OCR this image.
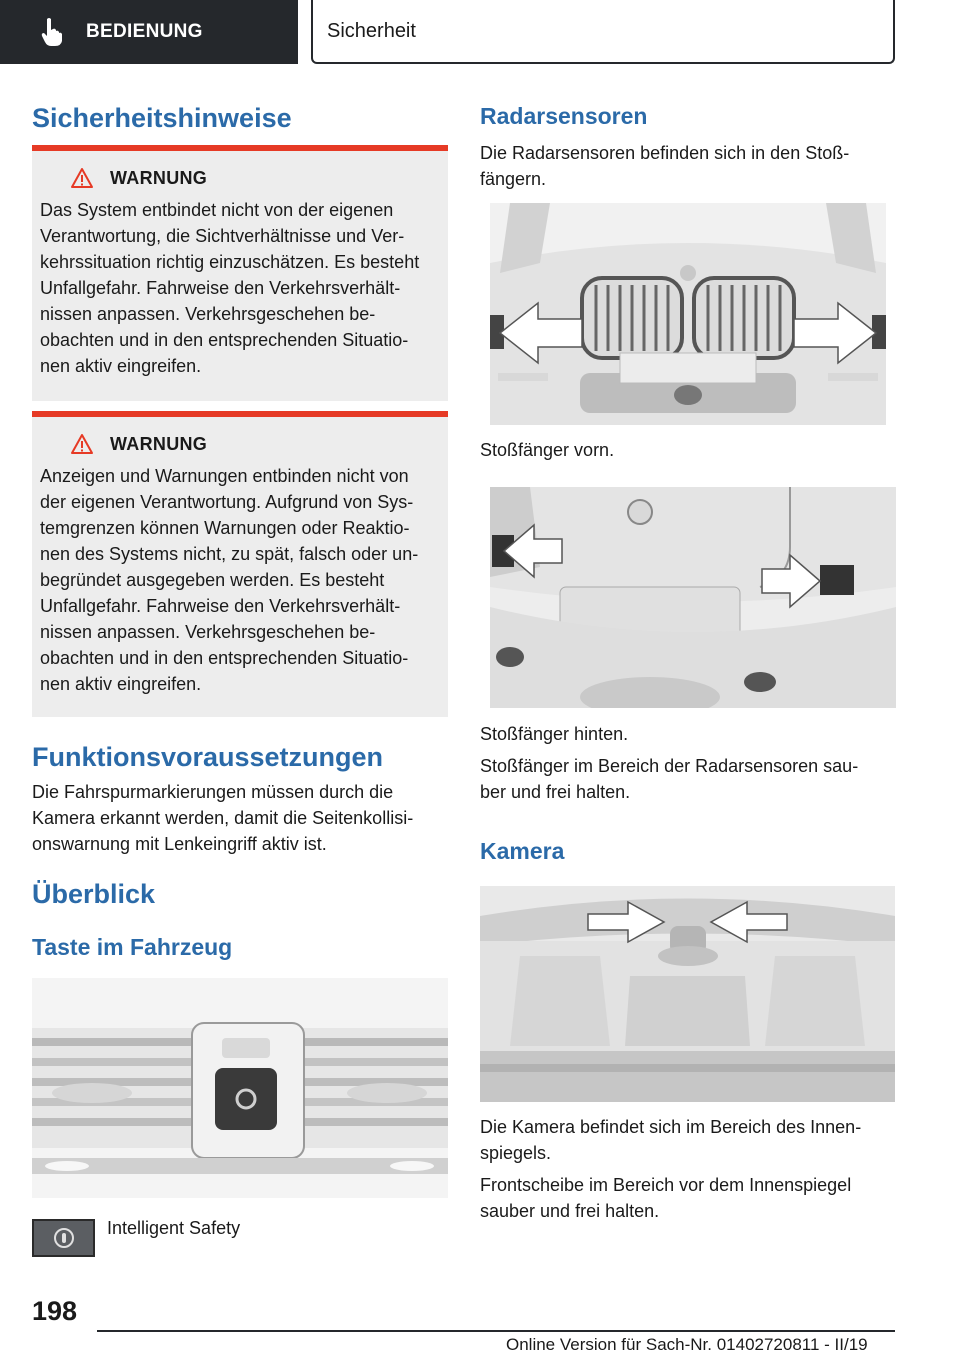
BEDIENUNG	Sicherheit
Sicherheitshinweise
WARNUNG
Das System entbindet nicht von der eigenen
Verantwortung, die Sichtverhältnisse und Ver-
kehrssituation richtig einzuschätzen. Es besteht
Unfallgefahr. Fahrweise den Verkehrsverhält-
nissen anpassen. Verkehrsgeschehen be-
obachten und in den entsprechenden Situatio-
nen aktiv eingreifen.
WARNUNG
Anzeigen und Warnungen entbinden nicht von
der eigenen Verantwortung. Aufgrund von Sys-
temgrenzen können Warnungen oder Reaktio-
nen des Systems nicht, zu spät, falsch oder un-
begründet ausgegeben werden. Es besteht
Unfallgefahr. Fahrweise den Verkehrsverhält-
nissen anpassen. Verkehrsgeschehen be-
obachten und in den entsprechenden Situatio-
nen aktiv eingreifen.
Funktionsvoraussetzungen
Die Fahrspurmarkierungen müssen durch die
Kamera erkannt werden, damit die Seitenkollisi-
onswarnung mit Lenkeingriff aktiv ist.
Überblick
Taste im Fahrzeug
Intelligent Safety
Radarsensoren
Die Radarsensoren befinden sich in den Stoß-
fängern.
Stoßfänger vorn.
Stoßfänger hinten.
Stoßfänger im Bereich der Radarsensoren sau-
ber und frei halten.
Kamera
Die Kamera befindet sich im Bereich des Innen-
spiegels.
Frontscheibe im Bereich vor dem Innenspiegel
sauber und frei halten.
198
Online Version für Sach-Nr. 01402720811 - II/19
